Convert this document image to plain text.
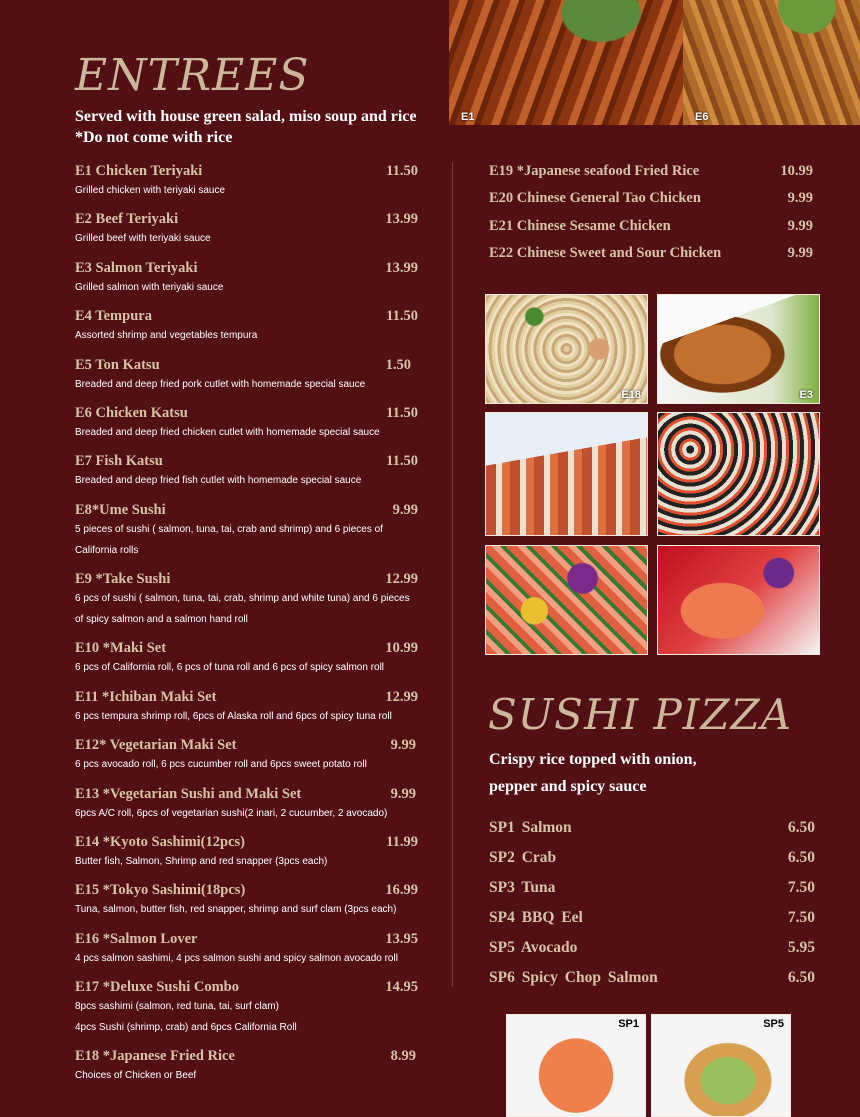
E1	E6
ENTREES
Served with house green salad, miso soup and rice
*Do not come with rice
E1 Chicken Teriyaki	11.50
Grilled chicken with teriyaki sauce
E2 Beef Teriyaki	13.99
Grilled beef with teriyaki sauce
E3 Salmon Teriyaki	13.99
Grilled salmon with teriyaki sauce
E4 Tempura	11.50
Assorted shrimp and vegetables tempura
E5 Ton Katsu	1.50
Breaded and deep fried pork cutlet with homemade special sauce
E6 Chicken Katsu	11.50
Breaded and deep fried chicken cutlet with homemade special sauce
E7 Fish Katsu	11.50
Breaded and deep fried fish cutlet with homemade special sauce
E8*Ume Sushi	9.99
5 pieces of sushi ( salmon, tuna, tai, crab and shrimp) and 6 pieces of
California rolls
E9 *Take Sushi	12.99
6 pcs of sushi ( salmon, tuna, tai, crab, shrimp and white tuna) and 6 pieces
of spicy salmon and a salmon hand roll
E10 *Maki Set	10.99
6 pcs of California roll, 6 pcs of tuna roll and 6 pcs of spicy salmon roll
E11 *Ichiban Maki Set	12.99
6 pcs tempura shrimp roll, 6pcs of Alaska roll and 6pcs of spicy tuna roll
E12* Vegetarian Maki Set	9.99
6 pcs avocado roll, 6 pcs cucumber roll and 6pcs sweet potato roll
E13 *Vegetarian Sushi and Maki Set	9.99
6pcs A/C roll, 6pcs of vegetarian sushi(2 inari, 2 cucumber, 2 avocado)
E14 *Kyoto Sashimi(12pcs)	11.99
Butter fish, Salmon, Shrimp and red snapper (3pcs each)
E15 *Tokyo Sashimi(18pcs)	16.99
Tuna, salmon, butter fish, red snapper, shrimp and surf clam (3pcs each)
E16 *Salmon Lover	13.95
4 pcs salmon sashimi, 4 pcs salmon sushi and spicy salmon avocado roll
E17 *Deluxe Sushi Combo	14.95
8pcs sashimi (salmon, red tuna, tai, surf clam)
4pcs Sushi (shrimp, crab) and 6pcs California Roll
E18 *Japanese Fried Rice	8.99
Choices of Chicken or Beef
E19 *Japanese seafood Fried Rice	10.99
E20 Chinese General Tao Chicken	9.99
E21 Chinese Sesame Chicken	9.99
E22 Chinese Sweet and Sour Chicken	9.99
E18	E3
SUSHI PIZZA
Crispy rice topped with onion,
pepper and spicy sauce
SP1 Salmon	6.50
SP2 Crab	6.50
SP3 Tuna	7.50
SP4 BBQ Eel	7.50
SP5 Avocado	5.95
SP6 Spicy Chop Salmon	6.50
SP1	SP5
